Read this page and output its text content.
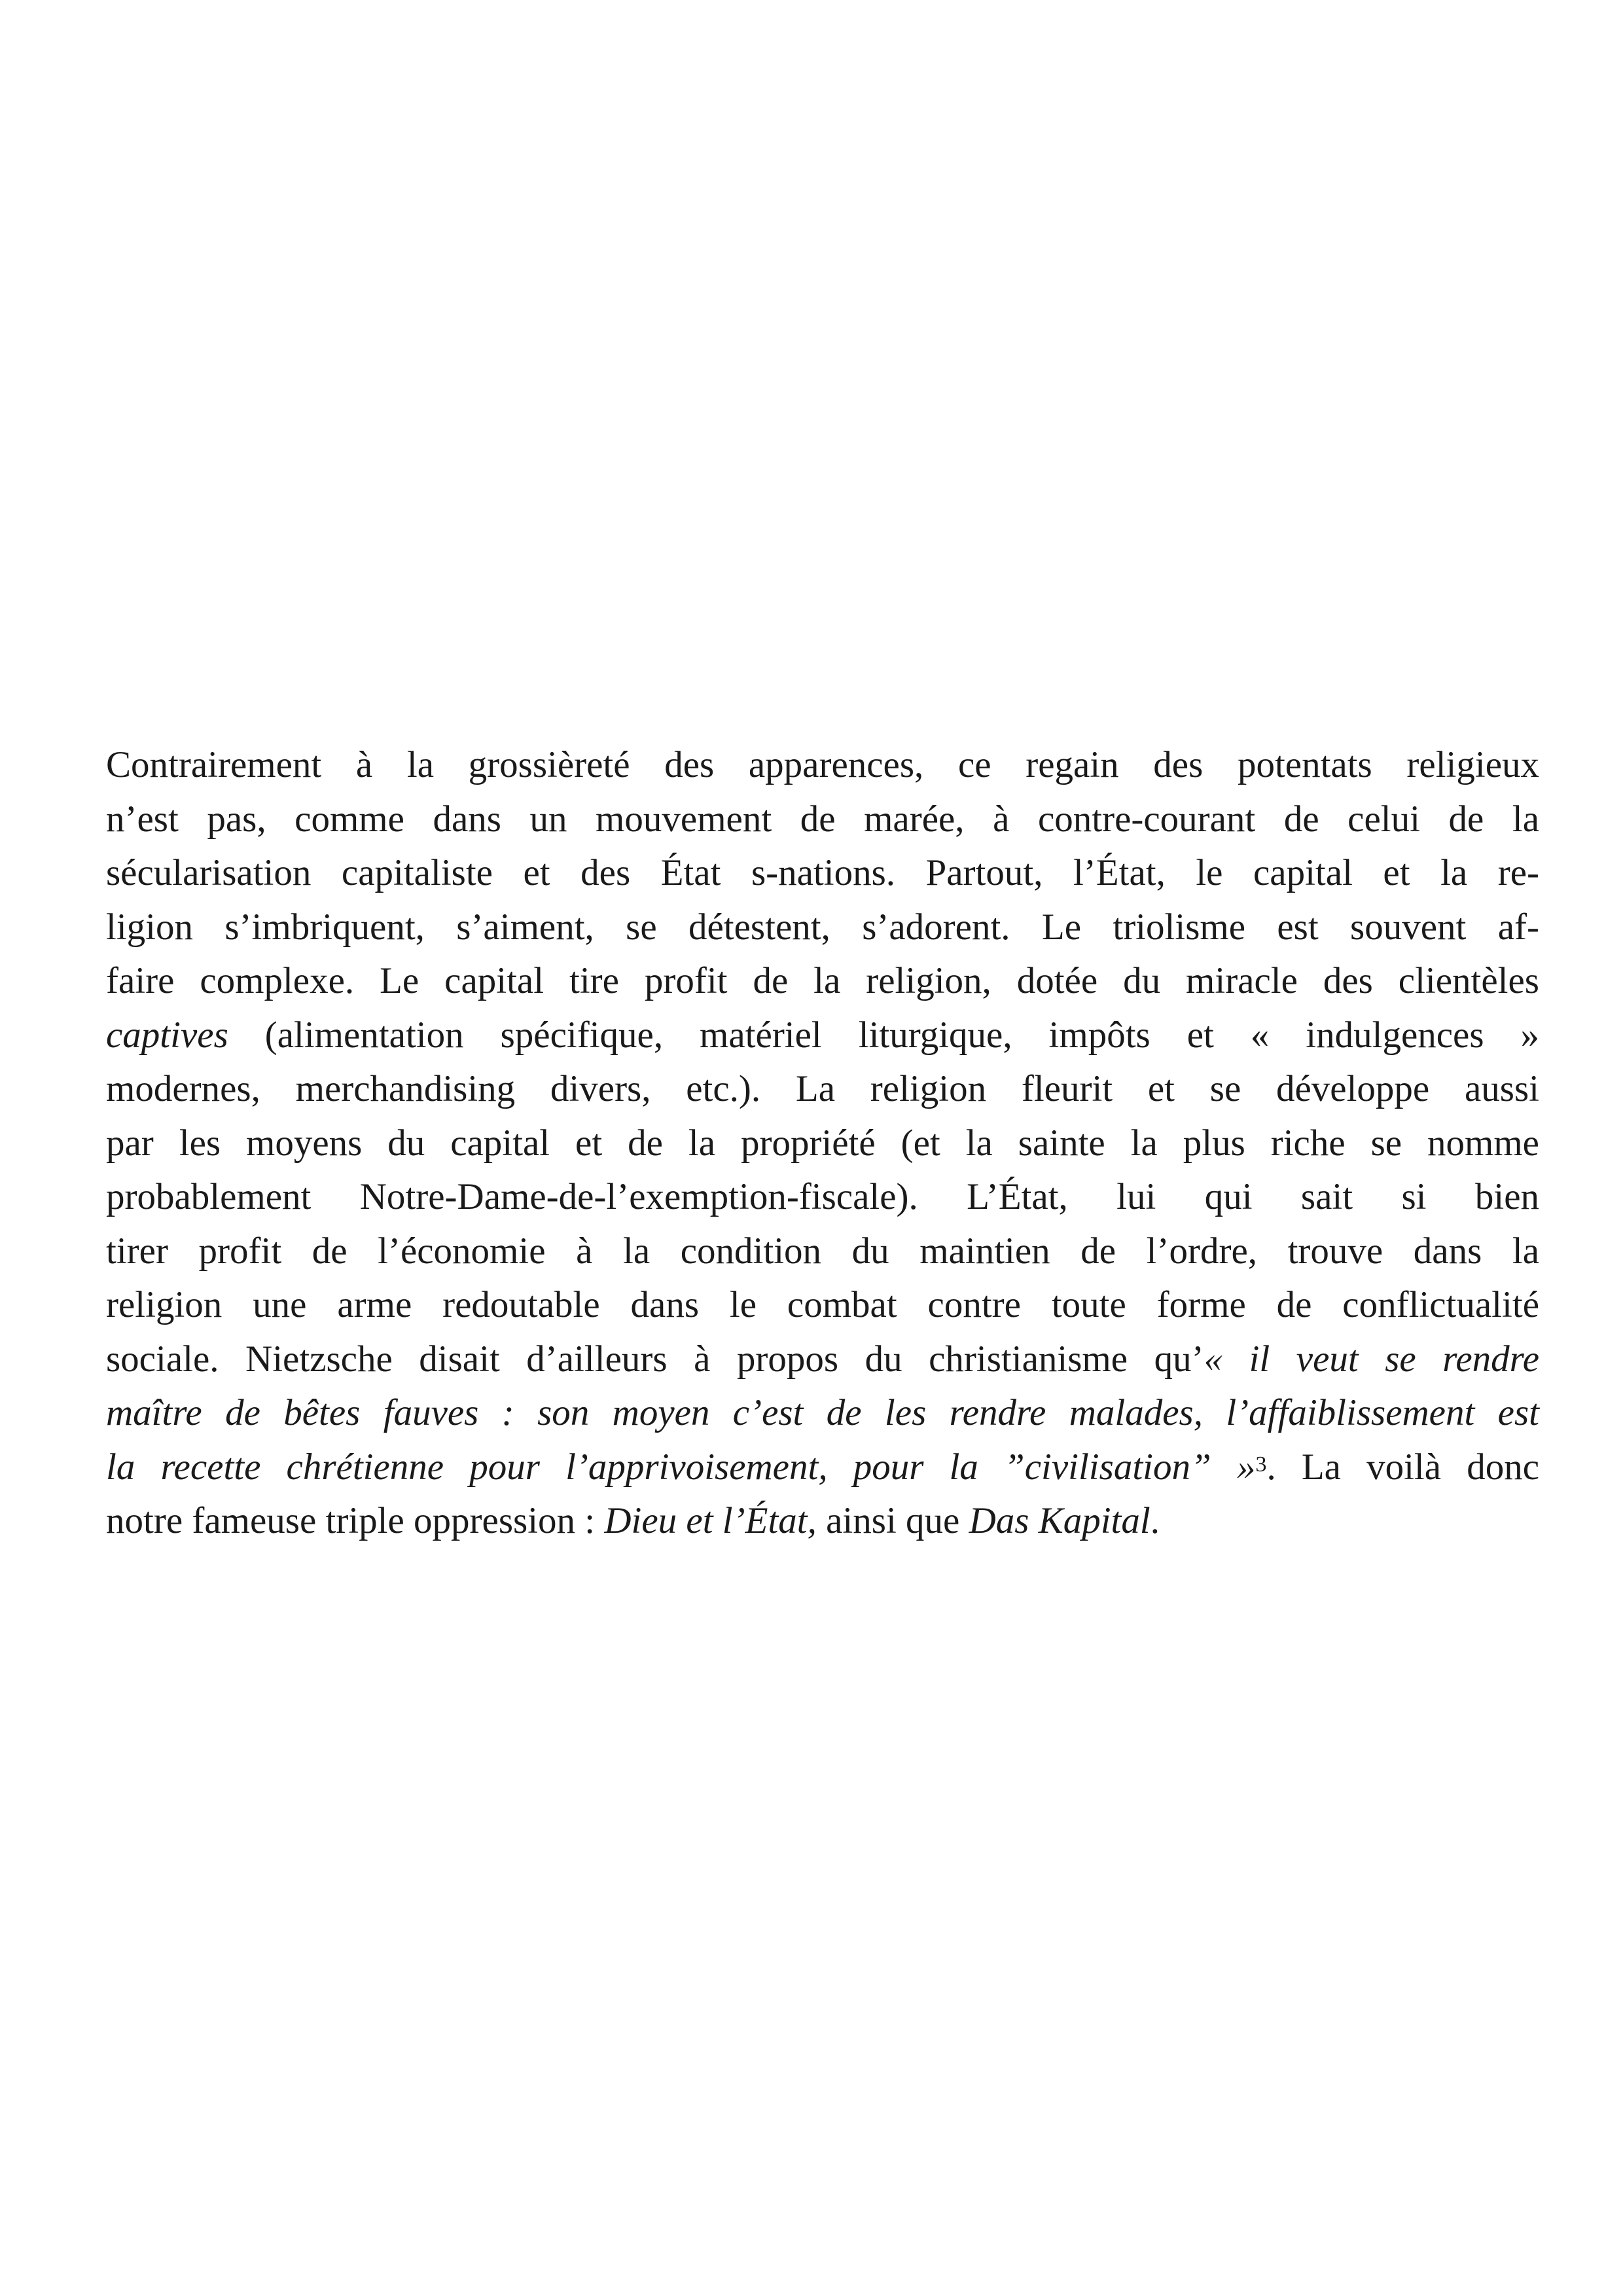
Contrairement à la grossièreté des apparences, ce regain des potentats religieux
n’est pas, comme dans un mouvement de marée, à contre-courant de celui de la
sécularisation capitaliste et des État s-nations. Partout, l’État, le capital et la re-
ligion s’imbriquent, s’aiment, se détestent, s’adorent. Le triolisme est souvent af-
faire complexe. Le capital tire profit de la religion, dotée du miracle des clientèles
captives (alimentation spécifique, matériel liturgique, impôts et « indulgences »
modernes, merchandising divers, etc.). La religion fleurit et se développe aussi
par les moyens du capital et de la propriété (et la sainte la plus riche se nomme
probablement Notre-Dame-de-l’exemption-fiscale). L’État, lui qui sait si bien
tirer profit de l’économie à la condition du maintien de l’ordre, trouve dans la
religion une arme redoutable dans le combat contre toute forme de conflictualité
sociale. Nietzsche disait d’ailleurs à propos du christianisme qu’« il veut se rendre
maître de bêtes fauves : son moyen c’est de les rendre malades, l’affaiblissement est
la recette chrétienne pour l’apprivoisement, pour la ”civilisation” »$^3$. La voilà donc
notre fameuse triple oppression : Dieu et l’État, ainsi que Das Kapital.
